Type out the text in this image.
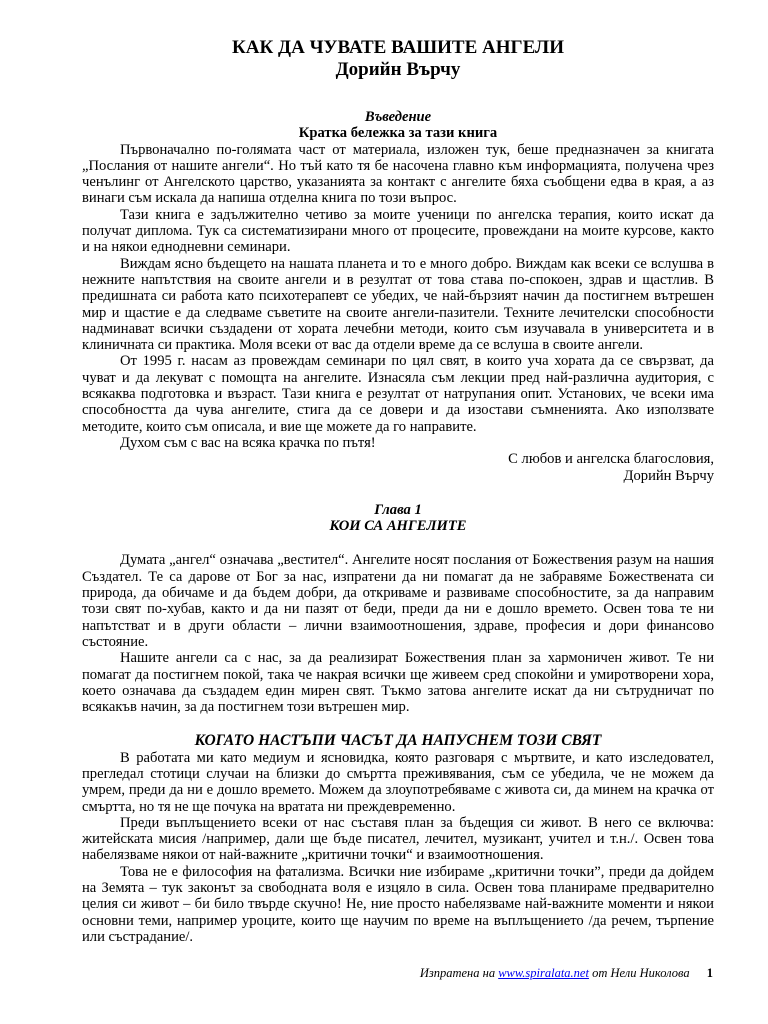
КАК ДА ЧУВАТЕ ВАШИТЕ АНГЕЛИ
Дорийн Върчу

Въведение

Кратка бележка за тази книга

Първоначално по-голямата част от материала, изложен тук, беше предназначен за книгата „Послания от нашите ангели“. Но тъй като тя бе насочена главно към информацията, получена чрез ченълинг от Ангелското царство, указанията за контакт с ангелите бяха съобщени едва в края, а аз винаги съм искала да напиша отделна книга по този въпрос.

Тази книга е задължително четиво за моите ученици по ангелска терапия, които искат да получат диплома. Тук са систематизирани много от процесите, провеждани на моите курсове, както и на някои еднодневни семинари.

Виждам ясно бъдещето на нашата планета и то е много добро. Виждам как всеки се вслушва в нежните напътствия на своите ангели и в резултат от това става по-спокоен, здрав и щастлив. В предишната си работа като психотерапевт се убедих, че най-бързият начин да постигнем вътрешен мир и щастие е да следваме съветите на своите ангели-пазители. Техните лечителски способности надминават всички създадени от хората лечебни методи, които съм изучавала в университета и в клиничната си практика. Моля всеки от вас да отдели време да се вслуша в своите ангели.

От 1995 г. насам аз провеждам семинари по цял свят, в които уча хората да се свързват, да чуват и да лекуват с помощта на ангелите. Изнасяла съм лекции пред най-различна аудитория, с всякаква подготовка и възраст. Тази книга е резултат от натрупания опит. Установих, че всеки има способността да чува ангелите, стига да се довери и да изостави съмненията. Ако използвате методите, които съм описала, и вие ще можете да го направите.

Духом съм с вас на всяка крачка по пътя!

С любов и ангелска благословия,

Дорийн Върчу

Глава 1

КОИ СА АНГЕЛИТЕ

Думата „ангел“ означава „вестител“. Ангелите носят послания от Божествения разум на нашия Създател. Те са дарове от Бог за нас, изпратени да ни помагат да не забравяме Божествената си природа, да обичаме и да бъдем добри, да откриваме и развиваме способностите, за да направим този свят по-хубав, както и да ни пазят от беди, преди да ни е дошло времето. Освен това те ни напътстват и в други области – лични взаимоотношения, здраве, професия и дори финансово състояние.

Нашите ангели са с нас, за да реализират Божествения план за хармоничен живот. Те ни помагат да постигнем покой, така че накрая всички ще живеем сред спокойни и умиротворени хора, което означава да създадем един мирен свят. Тъкмо затова ангелите искат да ни сътрудничат по всякакъв начин, за да постигнем този вътрешен мир.

КОГАТО НАСТЪПИ ЧАСЪТ ДА НАПУСНЕМ ТОЗИ СВЯТ

В работата ми като медиум и ясновидка, която разговаря с мъртвите, и като изследовател, прегледал стотици случаи на близки до смъртта преживявания, съм се убедила, че не можем да умрем, преди да ни е дошло времето. Можем да злоупотребяваме с живота си, да минем на крачка от смъртта, но тя не ще почука на вратата ни преждевременно.

Преди въплъщението всеки от нас съставя план за бъдещия си живот. В него се включва: житейската мисия /например, дали ще бъде писател, лечител, музикант, учител и т.н./. Освен това набелязваме някои от най-важните „критични точки“ и взаимоотношения.

Това не е философия на фатализма. Всички ние избираме „критични точки”, преди да дойдем на Земята – тук законът за свободната воля е изцяло в сила. Освен това планираме предварително целия си живот – би било твърде скучно! Не, ние просто набелязваме най-важните моменти и някои основни теми, например уроците, които ще научим по време на въплъщението /да речем, търпение или състрадание/.

Изпратена на www.spiralata.net от Нели Николова 1
